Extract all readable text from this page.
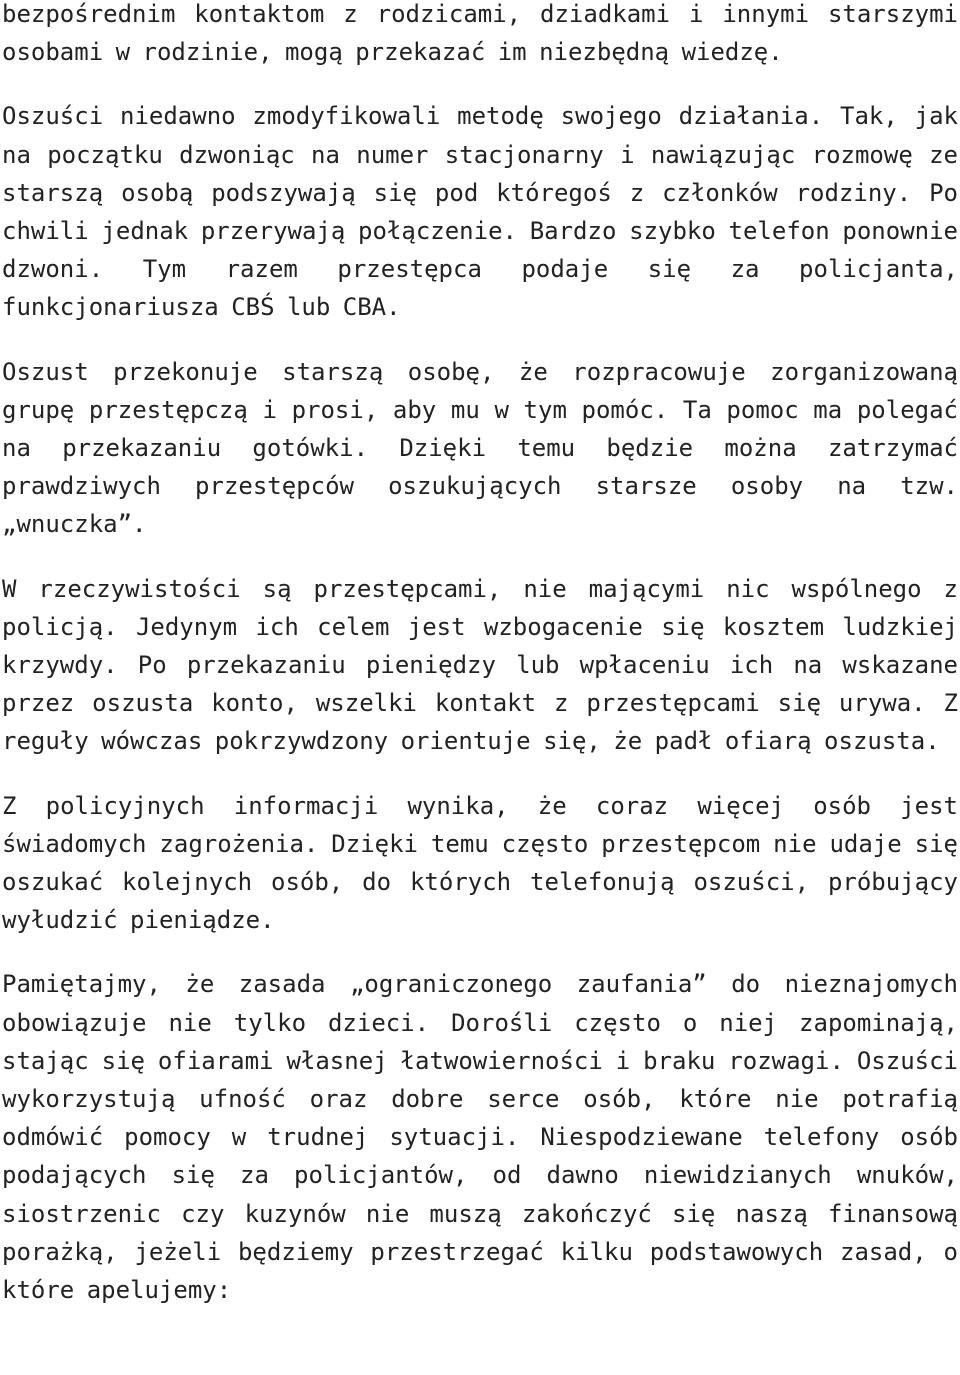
bezpośrednim kontaktom z rodzicami, dziadkami i innymi starszymi osobami w rodzinie, mogą przekazać im niezbędną wiedzę.

Oszuści niedawno zmodyfikowali metodę swojego działania. Tak, jak na początku dzwoniąc na numer stacjonarny i nawiązując rozmowę ze starszą osobą podszywają się pod któregoś z członków rodziny. Po chwili jednak przerywają połączenie. Bardzo szybko telefon ponownie dzwoni. Tym razem przestępca podaje się za policjanta, funkcjonariusza CBŚ lub CBA.

Oszust przekonuje starszą osobę, że rozpracowuje zorganizowaną grupę przestępczą i prosi, aby mu w tym pomóc. Ta pomoc ma polegać na przekazaniu gotówki. Dzięki temu będzie można zatrzymać prawdziwych przestępców oszukujących starsze osoby na tzw. „wnuczka”.

W rzeczywistości są przestępcami, nie mającymi nic wspólnego z policją. Jedynym ich celem jest wzbogacenie się kosztem ludzkiej krzywdy. Po przekazaniu pieniędzy lub wpłaceniu ich na wskazane przez oszusta konto, wszelki kontakt z przestępcami się urywa. Z reguły wówczas pokrzywdzony orientuje się, że padł ofiarą oszusta.

Z policyjnych informacji wynika, że coraz więcej osób jest świadomych zagrożenia. Dzięki temu często przestępcom nie udaje się oszukać kolejnych osób, do których telefonują oszuści, próbujący wyłudzić pieniądze.

Pamiętajmy, że zasada „ograniczonego zaufania” do nieznajomych obowiązuje nie tylko dzieci. Dorośli często o niej zapominają, stając się ofiarami własnej łatwowierności i braku rozwagi. Oszuści wykorzystują ufność oraz dobre serce osób, które nie potrafią odmówić pomocy w trudnej sytuacji. Niespodziewane telefony osób podających się za policjantów, od dawno niewidzianych wnuków, siostrzenic czy kuzynów nie muszą zakończyć się naszą finansową porażką, jeżeli będziemy przestrzegać kilku podstawowych zasad, o które apelujemy:
